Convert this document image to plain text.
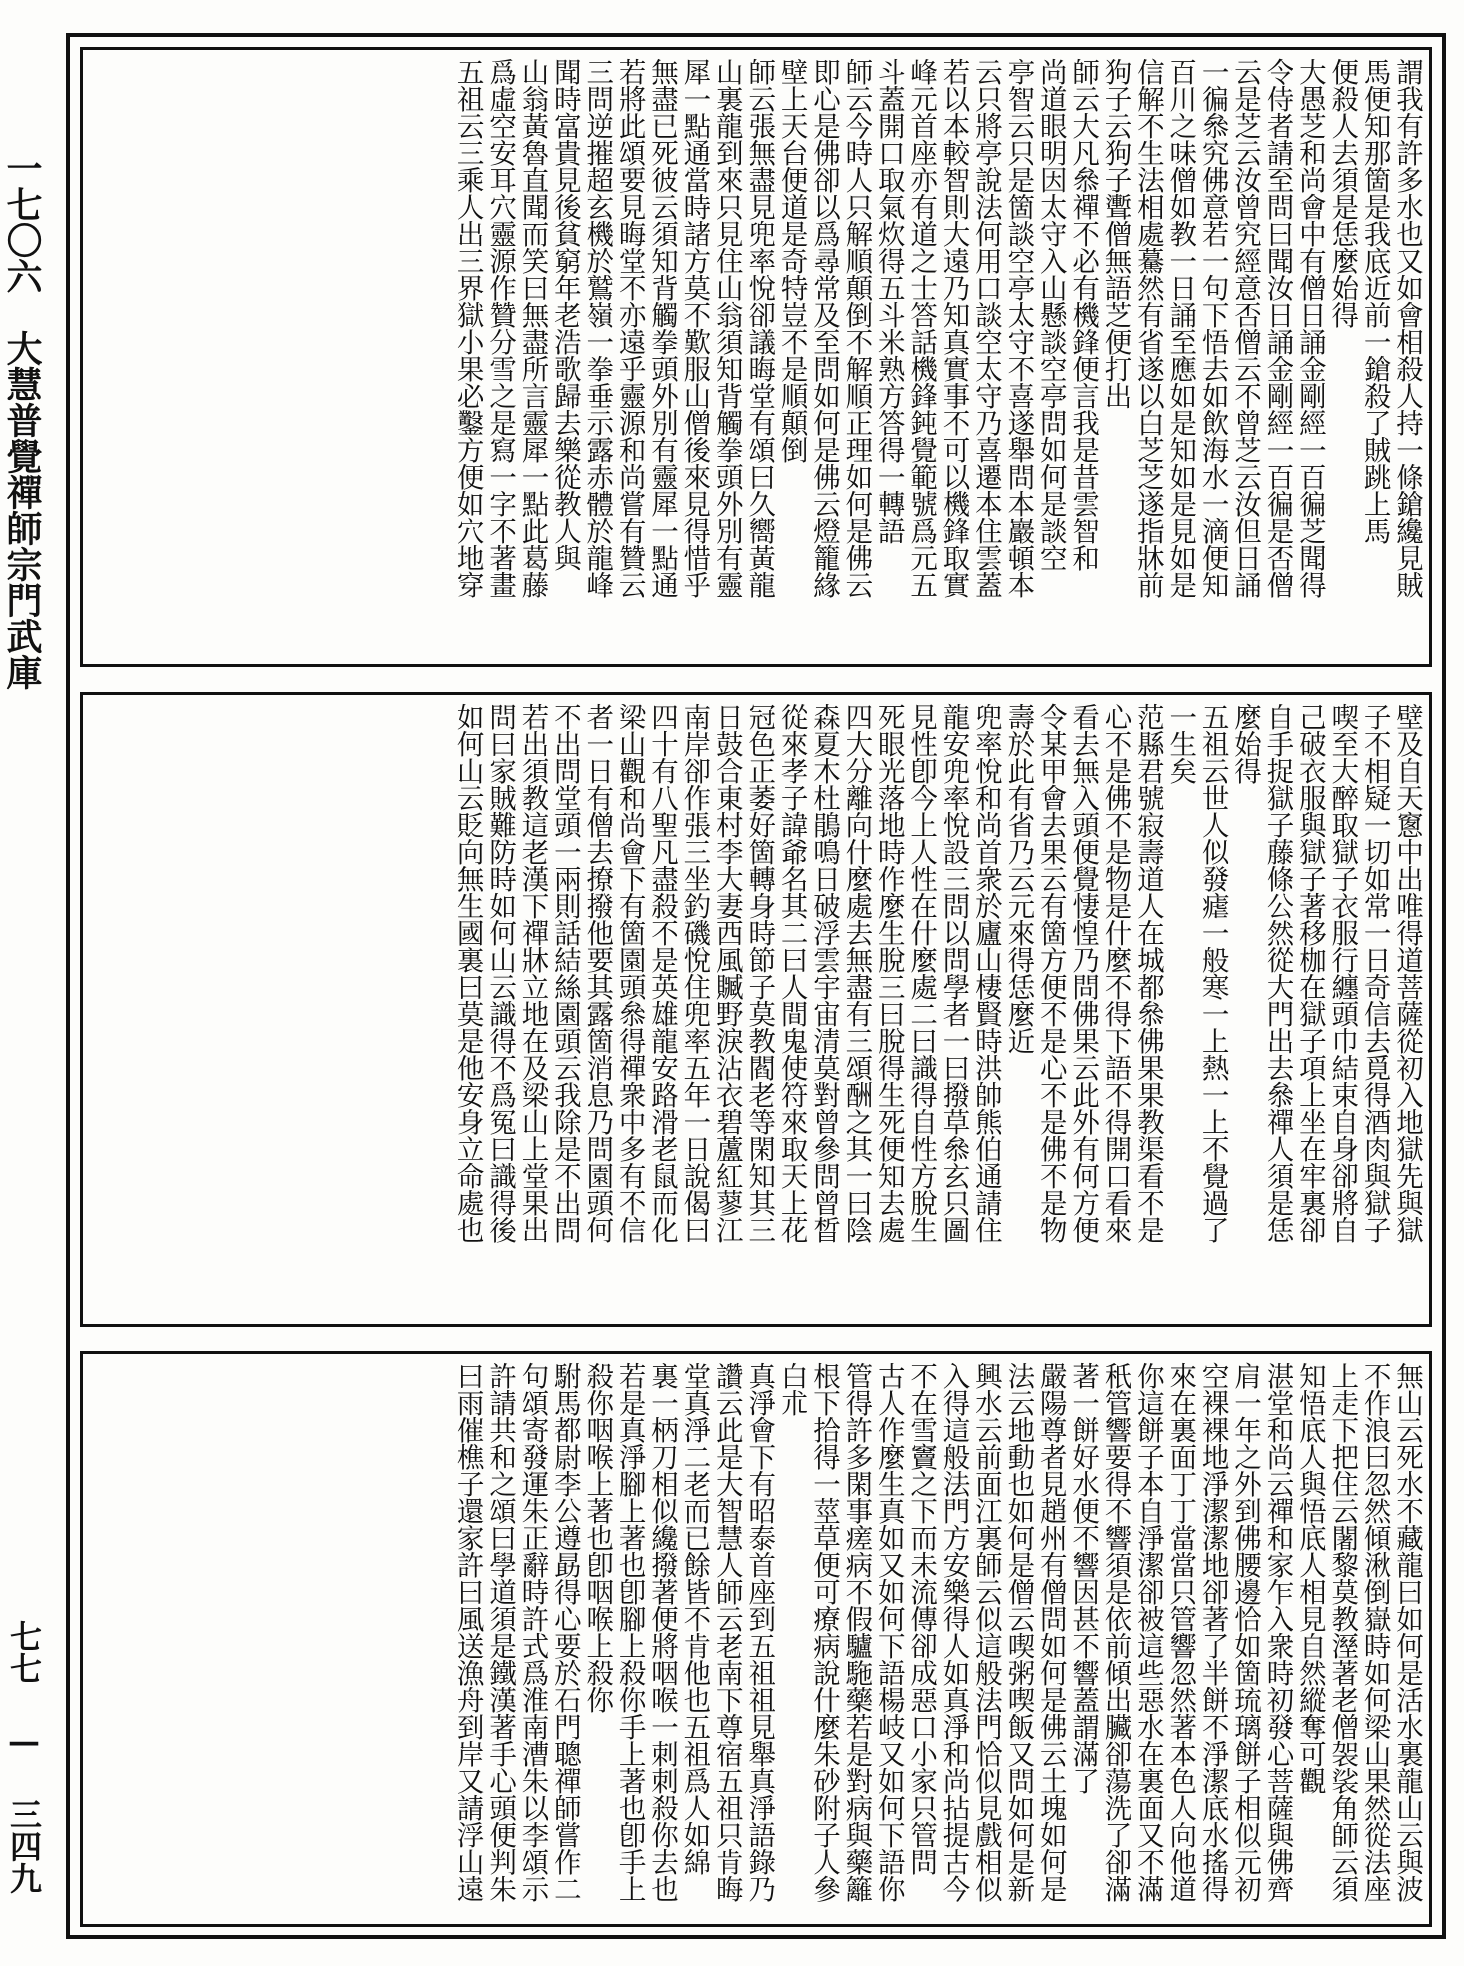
一七〇六　大慧普覺禪師宗門武庫
七七 — 三四九
謂我有許多水也又如會相殺人持一條鎗纔見賊
馬便知那箇是我底近前一鎗殺了賊跳上馬
便殺人去須是恁麼始得
大愚芝和尚會中有僧日誦金剛經一百徧芝聞得
令侍者請至問曰聞汝日誦金剛經一百徧是否僧
云是芝云汝曾究經意否僧云不曾芝云汝但日誦
一徧叅究佛意若一句下悟去如飲海水一滴便知
百川之味僧如教一日誦至應如是知如是見如是
信解不生法相處驀然有省遂以白芝芝遂指牀前
狗子云狗子聻僧無語芝便打出
師云大凡叅禪不必有機鋒便言我是昔雲智和
尚道眼明因太守入山懸談空亭問如何是談空
亭智云只是箇談空亭太守不喜遂舉問本巖頓本
云只將亭說法何用口談空太守乃喜遷本住雲蓋
若以本較智則大遠乃知真實事不可以機鋒取實
峰元首座亦有道之士答話機鋒鈍覺範號爲元五
斗蓋開口取氣炊得五斗米熟方答得一轉語
師云今時人只解順顛倒不解順正理如何是佛云
即心是佛卻以爲尋常及至問如何是佛云燈籠緣
壁上天台便道是奇特豈不是順顛倒
師云張無盡見兜率悅卻議晦堂有頌曰久嚮黃龍
山裏龍到來只見住山翁須知背觸拳頭外別有靈
犀一點通當時諸方莫不歎服山僧後來見得惜乎
無盡已死彼云須知背觸拳頭外別有靈犀一點通
若將此頌要見晦堂不亦遠乎靈源和尚嘗有贊云
三問逆摧超玄機於鷲嶺一拳垂示露赤體於龍峰
聞時富貴見後貧窮年老浩歌歸去樂從教人與
山翁黃魯直聞而笑曰無盡所言靈犀一點此葛藤
爲虛空安耳穴靈源作贊分雪之是寫一字不著畫
五祖云三乘人出三界獄小果必鑿方便如穴地穿
壁及自天窻中出唯得道菩薩從初入地獄先與獄
子不相疑一切如常一日奇信去覓得酒肉與獄子
喫至大醉取獄子衣服行纏頭巾結束自身卻將自
己破衣服與獄子著移枷在獄子項上坐在牢裏卻
自手捉獄子藤條公然從大門出去叅禪人須是恁
麼始得
五祖云世人似發瘧一般寒一上熱一上不覺過了
一生矣
范縣君號寂壽道人在城都叅佛果果教渠看不是
心不是佛不是物是什麼不得下語不得開口看來
看去無入頭便覺悽惶乃問佛果云此外有何方便
令某甲會去果云有箇方便不是心不是佛不是物
壽於此有省乃云元來得恁麼近
兜率悅和尚首衆於廬山棲賢時洪帥熊伯通請住
龍安兜率悅設三問以問學者一曰撥草叅玄只圖
見性卽今上人性在什麼處二曰識得自性方脫生
死眼光落地時作麼生脫三曰脫得生死便知去處
四大分離向什麼處去無盡有三頌酬之其一曰陰
森夏木杜鵑鳴日破浮雲宇宙清莫對曾參問曾晳
從來孝子諱爺名其二曰人間鬼使符來取天上花
冠色正萎好箇轉身時節子莫教閻老等閑知其三
日鼓合東村李大妻西風贓野淚沾衣碧蘆紅蓼江
南岸卻作張三坐釣磯悅住兜率五年一日說偈曰
四十有八聖凡盡殺不是英雄龍安路滑老鼠而化
梁山觀和尚會下有箇園頭叅得禪衆中多有不信
者一日有僧去撩撥他要其露箇消息乃問園頭何
不出問堂頭一兩則話結絲園頭云我除是不出問
若出須教這老漢下禪牀立地在及梁山上堂果出
問曰家賊難防時如何山云識得不爲冤曰識得後
如何山云貶向無生國裏曰莫是他安身立命處也
無山云死水不藏龍曰如何是活水裏龍山云與波
不作浪曰忽然傾湫倒嶽時如何梁山果然從法座
上走下把住云闍黎莫教溼著老僧袈裟角師云須
知悟底人與悟底人相見自然縱奪可觀
湛堂和尚云禪和家乍入衆時初發心菩薩與佛齊
肩一年之外到佛腰邊恰如箇琉璃餅子相似元初
空裸裸地淨潔潔地卻著了半餅不淨潔底水搖得
來在裏面丁丁當當只管響忽然著本色人向他道
你這餅子本自淨潔卻被這些惡水在裏面又不滿
秖管響要得不響須是依前傾出臟卻蕩洗了卻滿
著一餅好水便不響因甚不響蓋謂滿了
嚴陽尊者見趙州有僧問如何是佛云土塊如何是
法云地動也如何是僧云喫粥喫飯又問如何是新
興水云前面江裏師云似這般法門恰似見戲相似
入得這般法門方安樂得人如真淨和尚拈提古今
不在雪竇之下而未流傳卻成惡口小家只管問
古人作麼生真如又如何下語楊岐又如何下語你
管得許多閑事瘥病不假驢駞藥若是對病與藥籬
根下拾得一莖草便可療病說什麼朱砂附子人參
白朮
真淨會下有昭泰首座到五祖祖見舉真淨語錄乃
讚云此是大智慧人師云老南下尊宿五祖只肯晦
堂真淨二老而已餘皆不肯他也五祖爲人如綿
裏一柄刀相似纔撥著便將咽喉一刺刺殺你去也
若是真淨腳上著也卽腳上殺你手上著也卽手上
殺你咽喉上著也卽咽喉上殺你
駙馬都尉李公遵勗得心要於石門聰禪師嘗作二
句頌寄發運朱正辭時許式爲淮南漕朱以李頌示
許請共和之頌曰學道須是鐵漢著手心頭便判朱
曰雨催樵子還家許曰風送漁舟到岸又請浮山遠
